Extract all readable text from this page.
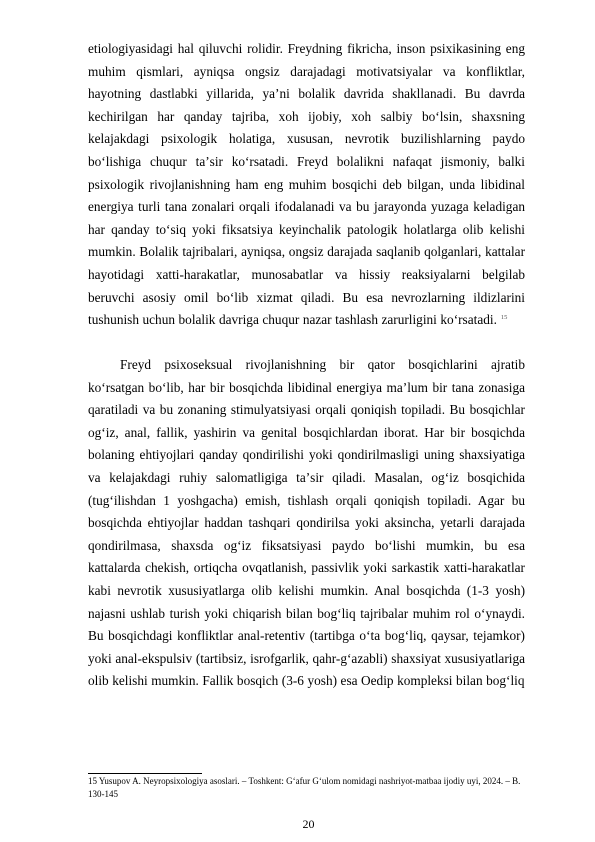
etiologiyasidagi hal qiluvchi rolidir. Freydning fikricha, inson psixikasining eng muhim qismlari, ayniqsa ongsiz darajadagi motivatsiyalar va konfliktlar, hayotning dastlabki yillarida, yaʼni bolalik davrida shakllanadi. Bu davrda kechirilgan har qanday tajriba, xoh ijobiy, xoh salbiy boʻlsin, shaxsning kelajakdagi psixologik holatiga, xususan, nevrotik buzilishlarning paydo boʻlishiga chuqur taʼsir koʻrsatadi. Freyd bolalikni nafaqat jismoniy, balki psixologik rivojlanishning ham eng muhim bosqichi deb bilgan, unda libidinal energiya turli tana zonalari orqali ifodalanadi va bu jarayonda yuzaga keladigan har qanday toʻsiq yoki fiksatsiya keyinchalik patologik holatlarga olib kelishi mumkin. Bolalik tajribalari, ayniqsa, ongsiz darajada saqlanib qolganlari, kattalar hayotidagi xatti-harakatlar, munosabatlar va hissiy reaksiyalarni belgilab beruvchi asosiy omil boʻlib xizmat qiladi. Bu esa nevrozlarning ildizlarini tushunish uchun bolalik davriga chuqur nazar tashlash zarurligini koʻrsatadi. $^{15}$

Freyd psixoseksual rivojlanishning bir qator bosqichlarini ajratib koʻrsatgan boʻlib, har bir bosqichda libidinal energiya maʼlum bir tana zonasiga qaratiladi va bu zonaning stimulyatsiyasi orqali qoniqish topiladi. Bu bosqichlar ogʻiz, anal, fallik, yashirin va genital bosqichlardan iborat. Har bir bosqichda bolaning ehtiyojlari qanday qondirilishi yoki qondirilmasligi uning shaxsiyatiga va kelajakdagi ruhiy salomatligiga taʼsir qiladi. Masalan, ogʻiz bosqichida (tugʻilishdan 1 yoshgacha) emish, tishlash orqali qoniqish topiladi. Agar bu bosqichda ehtiyojlar haddan tashqari qondirilsa yoki aksincha, yetarli darajada qondirilmasa, shaxsda ogʻiz fiksatsiyasi paydo boʻlishi mumkin, bu esa kattalarda chekish, ortiqcha ovqatlanish, passivlik yoki sarkastik xatti-harakatlar kabi nevrotik xususiyatlarga olib kelishi mumkin. Anal bosqichda (1-3 yosh) najasni ushlab turish yoki chiqarish bilan bogʻliq tajribalar muhim rol oʻynaydi. Bu bosqichdagi konfliktlar anal-retentiv (tartibga oʻta bogʻliq, qaysar, tejamkor) yoki anal-ekspulsiv (tartibsiz, isrofgarlik, qahr-gʻazabli) shaxsiyat xususiyatlariga olib kelishi mumkin. Fallik bosqich (3-6 yosh) esa Oedip kompleksi bilan bogʻliq

15 Yusupov A. Neyropsixologiya asoslari. – Toshkent: Gʻafur Gʻulom nomidagi nashriyot-matbaa ijodiy uyi, 2024. – B. 130-145
20
